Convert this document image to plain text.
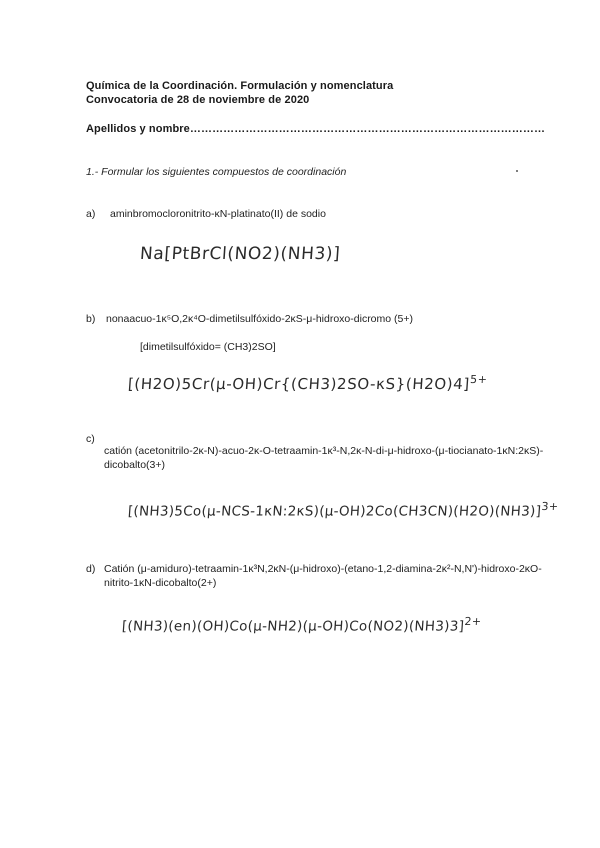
Química de la Coordinación. Formulación y nomenclatura
Convocatoria de 28 de noviembre de 2020
Apellidos y nombre……………………………………………………………………………………
1.- Formular los siguientes compuestos de coordinación
a) aminbromocloronitrito-κN-platinato(II) de sodio
Na[PtBrCl(NO2)(NH3)]
b) nonaacuo-1κ⁵O,2κ⁴O-dimetilsulfóxido-2κS-μ-hidroxo-dicromo (5+)
[dimetilsulfóxido= (CH3)2SO]
$[(H2O)5Cr(\mu-OH)Cr\{(CH3)2SO-\kappa S\}(H2O)4]^{5+}$
c)
catión (acetonitrilo-2κ-N)-acuo-2κ-O-tetraamin-1κ³-N,2κ-N-di-μ-hidroxo-(μ-tiocianato-1κN:2κS)-dicobalto(3+)
[(NH3)5Co(μ-NCS-1κN:2κS)(μ-OH)2Co(CH3CN)(H2O)(NH3)]$^{3+}$
d) Catión (μ-amiduro)-tetraamin-1κ³N,2κN-(μ-hidroxo)-(etano-1,2-diamina-2κ²-N,N')-hidroxo-2κO-nitrito-1κN-dicobalto(2+)
$[(NH3)(en)(OH)Co(\mu-NH2)(\mu-OH)Co(NO2)(NH3)3]^{2+}$
